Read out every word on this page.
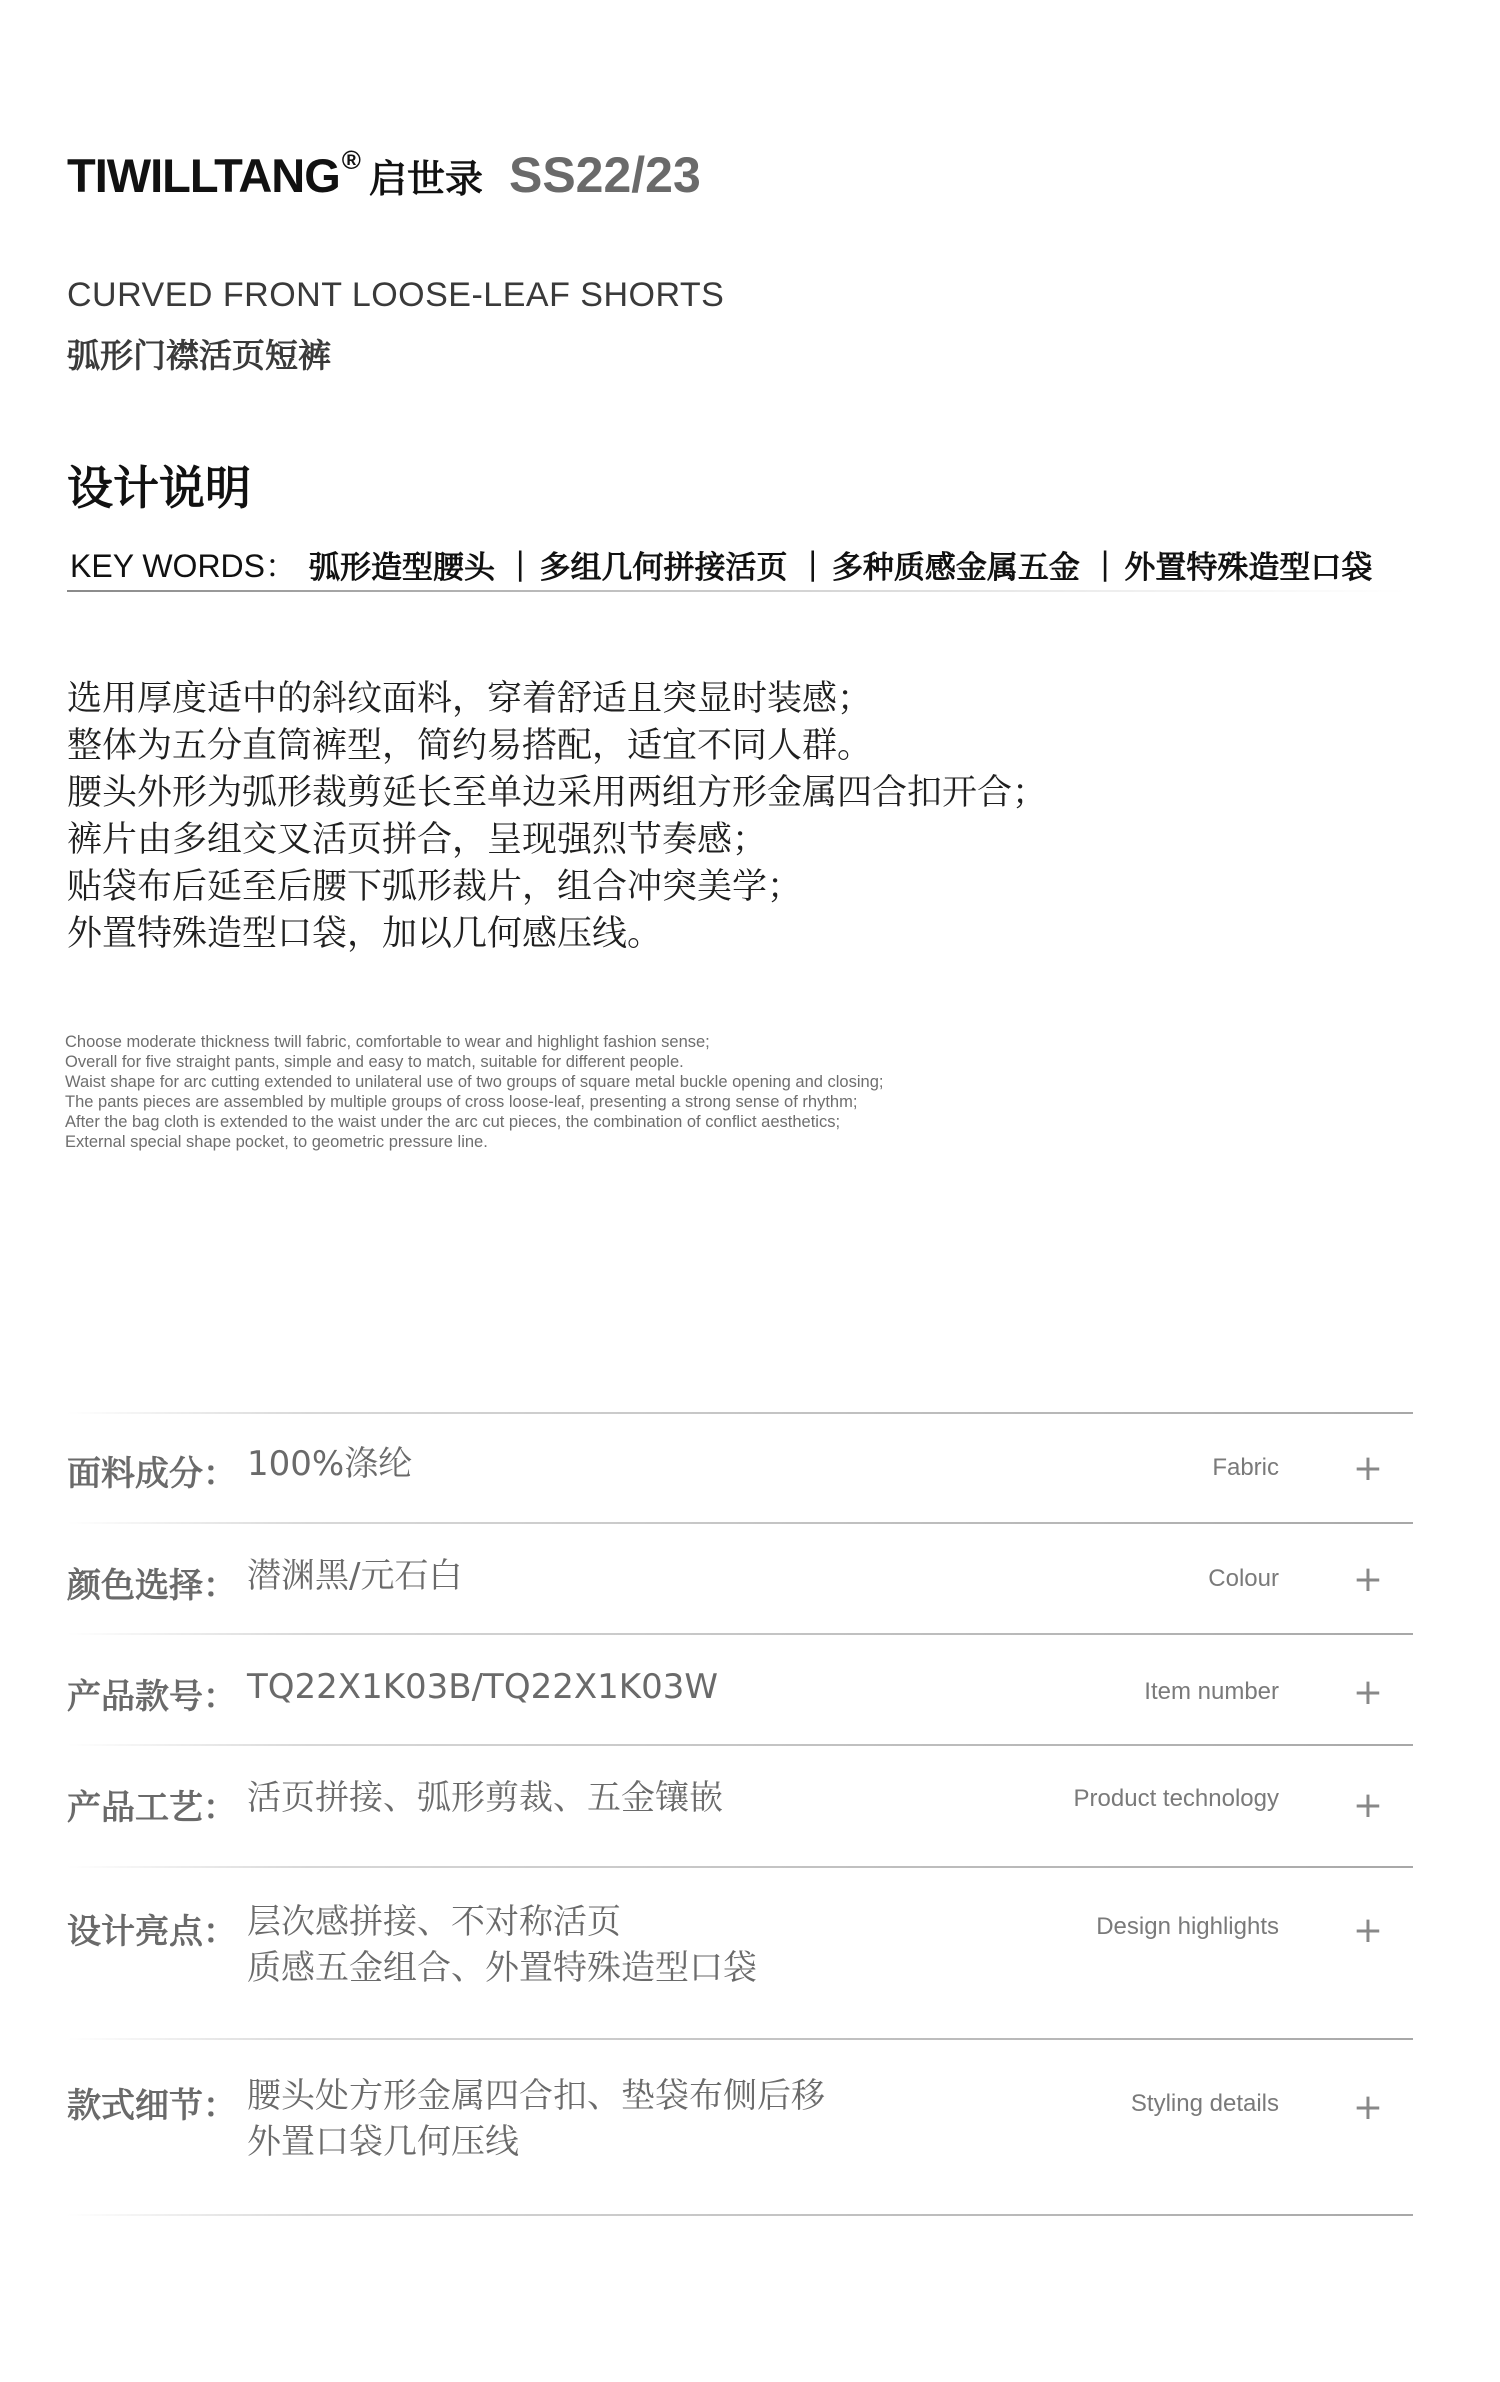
TIWILLTANG ® 启世录 SS22/23
CURVED FRONT LOOSE-LEAF SHORTS
弧形门襟活页短裤
设计说明
KEY WORDS： 弧形造型腰头 | 多组几何拼接活页 | 多种质感金属五金 | 外置特殊造型口袋
选用厚度适中的斜纹面料，穿着舒适且突显时装感；
整体为五分直筒裤型，简约易搭配，适宜不同人群。
腰头外形为弧形裁剪延长至单边采用两组方形金属四合扣开合；
裤片由多组交叉活页拼合，呈现强烈节奏感；
贴袋布后延至后腰下弧形裁片，组合冲突美学；
外置特殊造型口袋，加以几何感压线。
Choose moderate thickness twill fabric, comfortable to wear and highlight fashion sense;
Overall for five straight pants, simple and easy to match, suitable for different people.
Waist shape for arc cutting extended to unilateral use of two groups of square metal buckle opening and closing;
The pants pieces are assembled by multiple groups of cross loose-leaf, presenting a strong sense of rhythm;
After the bag cloth is extended to the waist under the arc cut pieces, the combination of conflict aesthetics;
External special shape pocket, to geometric pressure line.
面料成分： 100%涤纶	Fabric +
颜色选择： 潜渊黑/元石白	Colour +
产品款号： TQ22X1K03B/TQ22X1K03W	Item number +
产品工艺： 活页拼接、弧形剪裁、五金镶嵌	Product technology +
设计亮点： 层次感拼接、不对称活页
质感五金组合、外置特殊造型口袋
Design highlights +
款式细节： 腰头处方形金属四合扣、垫袋布侧后移
外置口袋几何压线
Styling details +
